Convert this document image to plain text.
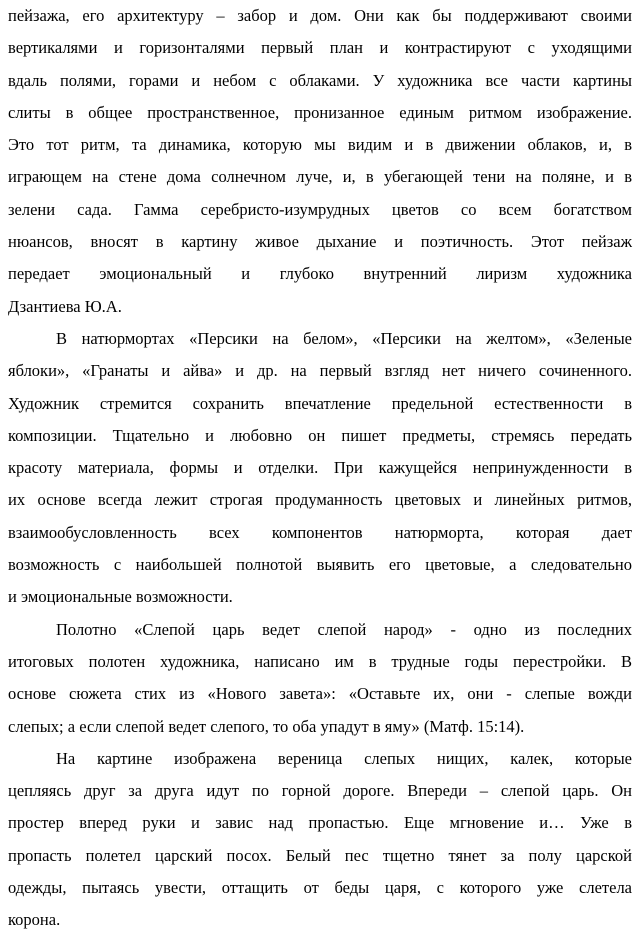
пейзажа, его архитектуру – забор и дом. Они как бы поддерживают своими
вертикалями и горизонталями первый план и контрастируют с уходящими
вдаль полями, горами и небом с облаками. У художника все части картины
слиты в общее пространственное, пронизанное единым ритмом изображение.
Это тот ритм, та динамика, которую мы видим и в движении облаков, и, в
играющем на стене дома солнечном луче, и, в убегающей тени на поляне, и в
зелени сада. Гамма серебристо-изумрудных цветов со всем богатством
нюансов, вносят в картину живое дыхание и поэтичность. Этот пейзаж
передает эмоциональный и глубоко внутренний лиризм художника
Дзантиева Ю.А.
В натюрмортах «Персики на белом», «Персики на желтом», «Зеленые
яблоки», «Гранаты и айва» и др. на первый взгляд нет ничего сочиненного.
Художник стремится сохранить впечатление предельной естественности в
композиции. Тщательно и любовно он пишет предметы, стремясь передать
красоту материала, формы и отделки. При кажущейся непринужденности в
их основе всегда лежит строгая продуманность цветовых и линейных ритмов,
взаимообусловленность всех компонентов натюрморта, которая дает
возможность с наибольшей полнотой выявить его цветовые, а следовательно
и эмоциональные возможности.
Полотно «Слепой царь ведет слепой народ» - одно из последних
итоговых полотен художника, написано им в трудные годы перестройки. В
основе сюжета стих из «Нового завета»: «Оставьте их, они - слепые вожди
слепых; а если слепой ведет слепого, то оба упадут в яму» (Матф. 15:14).
На картине изображена вереница слепых нищих, калек, которые
цепляясь друг за друга идут по горной дороге. Впереди – слепой царь. Он
простер вперед руки и завис над пропастью. Еще мгновение и… Уже в
пропасть полетел царский посох. Белый пес тщетно тянет за полу царской
одежды, пытаясь увести, оттащить от беды царя, с которого уже слетела
корона.
